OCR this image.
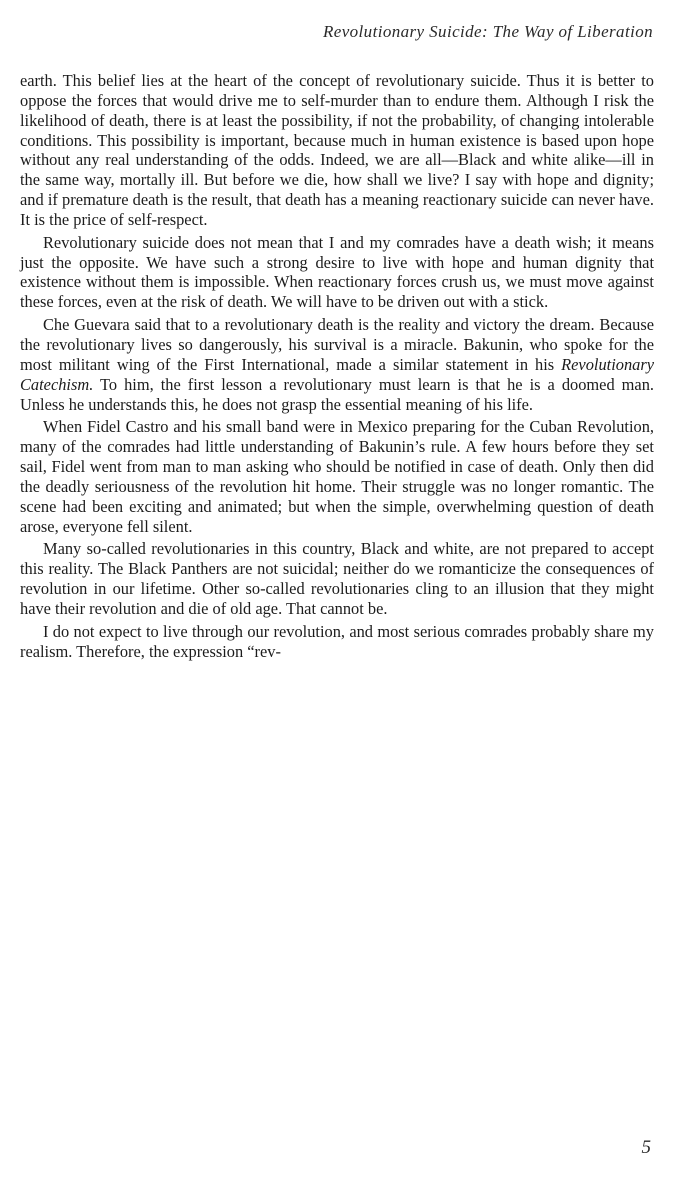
Revolutionary Suicide: The Way of Liberation

earth. This belief lies at the heart of the concept of revolutionary suicide. Thus it is better to oppose the forces that would drive me to self-murder than to endure them. Although I risk the likelihood of death, there is at least the possibility, if not the probability, of changing intolerable conditions. This possibility is important, because much in human existence is based upon hope without any real understanding of the odds. Indeed, we are all—Black and white alike—ill in the same way, mortally ill. But before we die, how shall we live? I say with hope and dignity; and if premature death is the result, that death has a meaning reactionary suicide can never have. It is the price of self-respect.

Revolutionary suicide does not mean that I and my comrades have a death wish; it means just the opposite. We have such a strong desire to live with hope and human dignity that existence without them is impossible. When reactionary forces crush us, we must move against these forces, even at the risk of death. We will have to be driven out with a stick.

Che Guevara said that to a revolutionary death is the reality and victory the dream. Because the revolutionary lives so dangerously, his survival is a miracle. Bakunin, who spoke for the most militant wing of the First International, made a similar statement in his Revolutionary Catechism. To him, the first lesson a revolutionary must learn is that he is a doomed man. Unless he understands this, he does not grasp the essential meaning of his life.

When Fidel Castro and his small band were in Mexico preparing for the Cuban Revolution, many of the comrades had little understanding of Bakunin’s rule. A few hours before they set sail, Fidel went from man to man asking who should be notified in case of death. Only then did the deadly seriousness of the revolution hit home. Their struggle was no longer romantic. The scene had been exciting and animated; but when the simple, overwhelming question of death arose, everyone fell silent.

Many so-called revolutionaries in this country, Black and white, are not prepared to accept this reality. The Black Panthers are not suicidal; neither do we romanticize the consequences of revolution in our lifetime. Other so-called revolutionaries cling to an illusion that they might have their revolution and die of old age. That cannot be.

I do not expect to live through our revolution, and most serious comrades probably share my realism. Therefore, the expression “rev-

5
